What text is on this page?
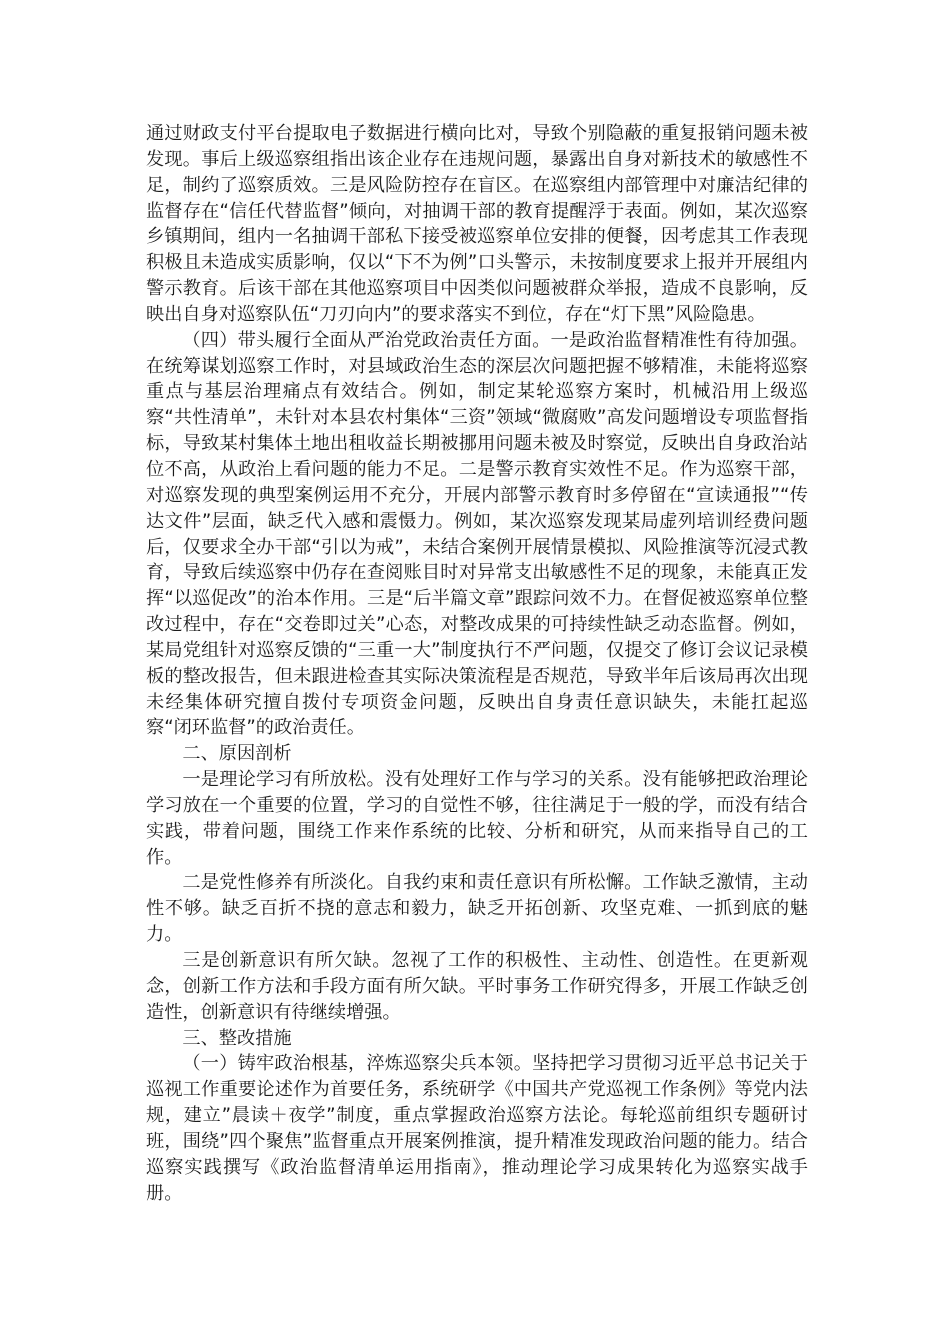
通过财政支付平台提取电子数据进行横向比对，导致个别隐蔽的重复报销问题未被发现。事后上级巡察组指出该企业存在违规问题，暴露出自身对新技术的敏感性不足，制约了巡察质效。三是风险防控存在盲区。在巡察组内部管理中对廉洁纪律的监督存在“信任代替监督”倾向，对抽调干部的教育提醒浮于表面。例如，某次巡察乡镇期间，组内一名抽调干部私下接受被巡察单位安排的便餐，因考虑其工作表现积极且未造成实质影响，仅以“下不为例”口头警示，未按制度要求上报并开展组内警示教育。后该干部在其他巡察项目中因类似问题被群众举报，造成不良影响，反映出自身对巡察队伍“刀刃向内”的要求落实不到位，存在“灯下黑”风险隐患。

（四）带头履行全面从严治党政治责任方面。一是政治监督精准性有待加强。在统筹谋划巡察工作时，对县域政治生态的深层次问题把握不够精准，未能将巡察重点与基层治理痛点有效结合。例如，制定某轮巡察方案时，机械沿用上级巡察“共性清单”，未针对本县农村集体“三资”领域“微腐败”高发问题增设专项监督指标，导致某村集体土地出租收益长期被挪用问题未被及时察觉，反映出自身政治站位不高，从政治上看问题的能力不足。二是警示教育实效性不足。作为巡察干部，对巡察发现的典型案例运用不充分，开展内部警示教育时多停留在“宣读通报”“传达文件”层面，缺乏代入感和震慑力。例如，某次巡察发现某局虚列培训经费问题后，仅要求全办干部“引以为戒”，未结合案例开展情景模拟、风险推演等沉浸式教育，导致后续巡察中仍存在查阅账目时对异常支出敏感性不足的现象，未能真正发挥“以巡促改”的治本作用。三是“后半篇文章”跟踪问效不力。在督促被巡察单位整改过程中，存在“交卷即过关”心态，对整改成果的可持续性缺乏动态监督。例如，某局党组针对巡察反馈的“三重一大”制度执行不严问题，仅提交了修订会议记录模板的整改报告，但未跟进检查其实际决策流程是否规范，导致半年后该局再次出现未经集体研究擅自拨付专项资金问题，反映出自身责任意识缺失，未能扛起巡察“闭环监督”的政治责任。

二、原因剖析

一是理论学习有所放松。没有处理好工作与学习的关系。没有能够把政治理论学习放在一个重要的位置，学习的自觉性不够，往往满足于一般的学，而没有结合实践，带着问题，围绕工作来作系统的比较、分析和研究，从而来指导自己的工作。

二是党性修养有所淡化。自我约束和责任意识有所松懈。工作缺乏激情，主动性不够。缺乏百折不挠的意志和毅力，缺乏开拓创新、攻坚克难、一抓到底的魅力。

三是创新意识有所欠缺。忽视了工作的积极性、主动性、创造性。在更新观念，创新工作方法和手段方面有所欠缺。平时事务工作研究得多，开展工作缺乏创造性，创新意识有待继续增强。

三、整改措施

（一）铸牢政治根基，淬炼巡察尖兵本领。坚持把学习贯彻习近平总书记关于巡视工作重要论述作为首要任务，系统研学《中国共产党巡视工作条例》等党内法规，建立”晨读＋夜学”制度，重点掌握政治巡察方法论。每轮巡前组织专题研讨班，围绕”四个聚焦”监督重点开展案例推演，提升精准发现政治问题的能力。结合巡察实践撰写《政治监督清单运用指南》，推动理论学习成果转化为巡察实战手册。
